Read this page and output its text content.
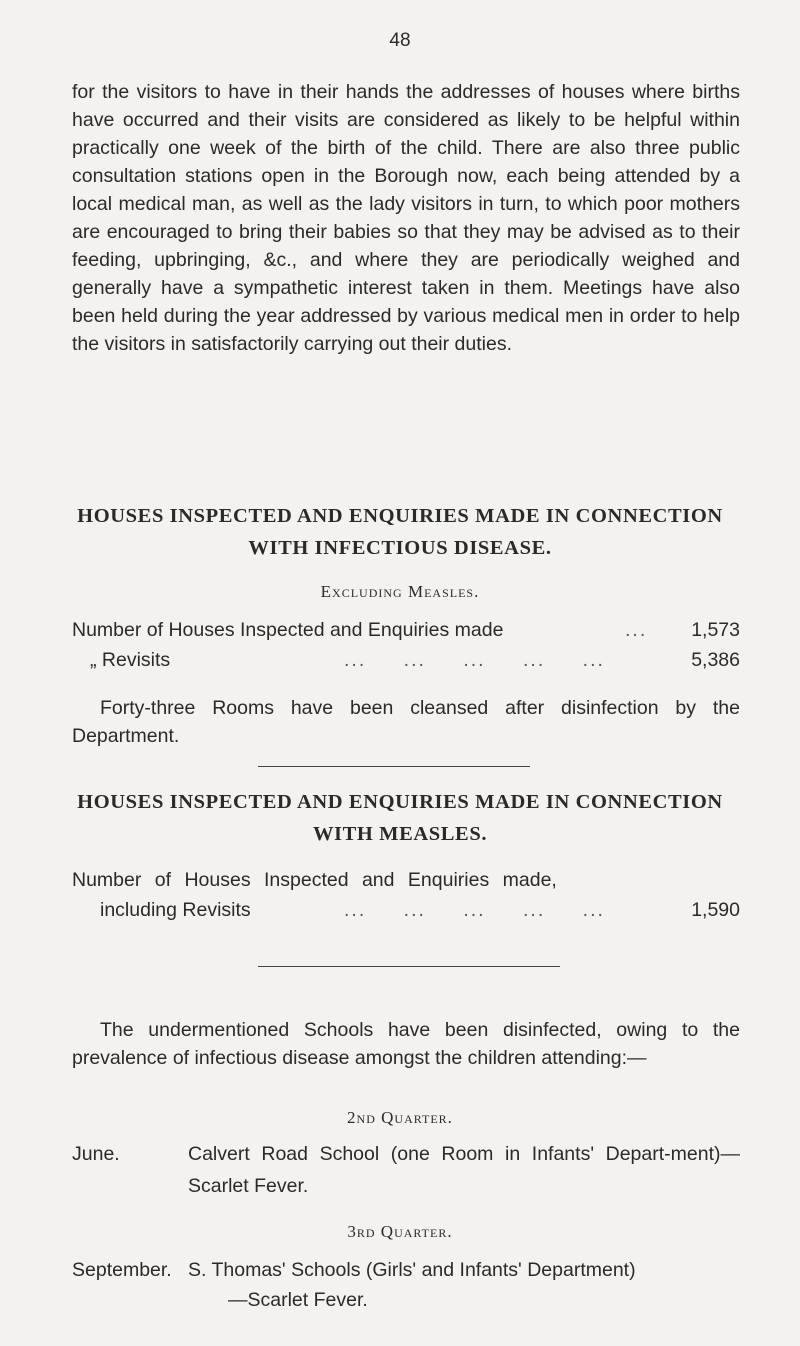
48

for the visitors to have in their hands the addresses of houses where births have occurred and their visits are considered as likely to be helpful within practically one week of the birth of the child. There are also three public consultation stations open in the Borough now, each being attended by a local medical man, as well as the lady visitors in turn, to which poor mothers are encouraged to bring their babies so that they may be advised as to their feeding, upbringing, &c., and where they are periodically weighed and generally have a sympathetic interest taken in them. Meetings have also been held during the year addressed by various medical men in order to help the visitors in satisfactorily carrying out their duties.

HOUSES INSPECTED AND ENQUIRIES MADE IN CONNECTION WITH INFECTIOUS DISEASE.
Excluding Measles.
Number of Houses Inspected and Enquiries made	... 1,573
„ Revisits	... ... ... ... ...	5,386

Forty-three Rooms have been cleansed after disinfection by the Department.

HOUSES INSPECTED AND ENQUIRIES MADE IN CONNECTION WITH MEASLES.
Number of Houses Inspected and Enquiries made,
including Revisits	... ... ... ... ...	1,590

The undermentioned Schools have been disinfected, owing to the prevalence of infectious disease amongst the children attending:—

2nd Quarter.
June.	Calvert Road School (one Room in Infants' Depart-ment)—Scarlet Fever.

3rd Quarter.
September. S. Thomas' Schools (Girls' and Infants' Department)
—Scarlet Fever.
